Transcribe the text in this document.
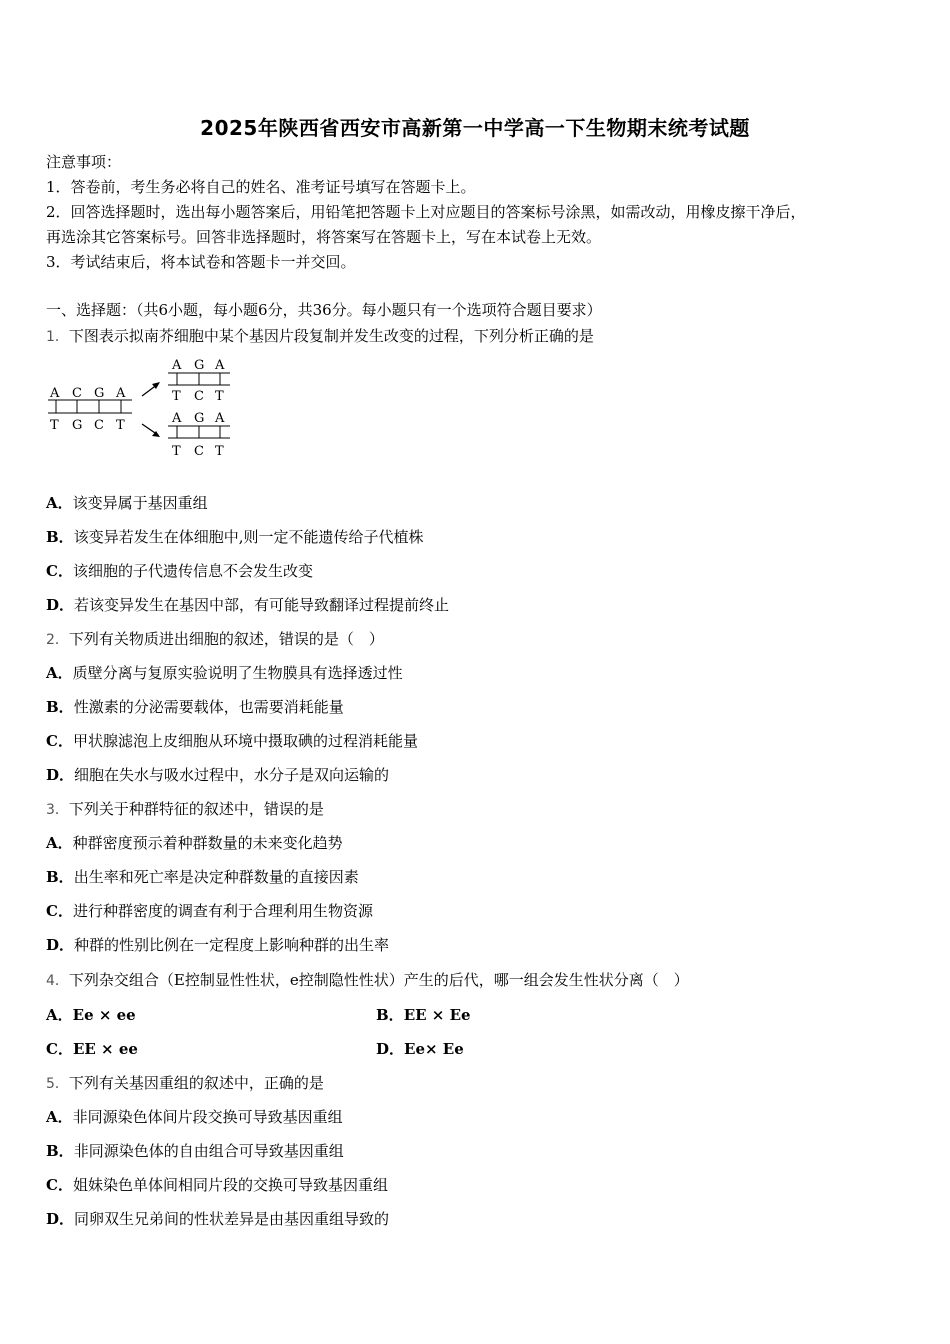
2025年陕西省西安市高新第一中学高一下生物期末统考试题
注意事项：
1．答卷前，考生务必将自己的姓名、准考证号填写在答题卡上。
2．回答选择题时，选出每小题答案后，用铅笔把答题卡上对应题目的答案标号涂黑，如需改动，用橡皮擦干净后，
再选涂其它答案标号。回答非选择题时，将答案写在答题卡上，写在本试卷上无效。
3．考试结束后，将本试卷和答题卡一并交回。
一、选择题：（共6小题，每小题6分，共36分。每小题只有一个选项符合题目要求）
1．下图表示拟南芥细胞中某个基因片段复制并发生改变的过程，下列分析正确的是
A C G A
T G C T
A G A
T C T
A G A
T C T
A．该变异属于基因重组
B．该变异若发生在体细胞中,则一定不能遗传给子代植株
C．该细胞的子代遗传信息不会发生改变
D．若该变异发生在基因中部，有可能导致翻译过程提前终止
2．下列有关物质进出细胞的叙述，错误的是（　）
A．质壁分离与复原实验说明了生物膜具有选择透过性
B．性激素的分泌需要载体，也需要消耗能量
C．甲状腺滤泡上皮细胞从环境中摄取碘的过程消耗能量
D．细胞在失水与吸水过程中，水分子是双向运输的
3．下列关于种群特征的叙述中，错误的是
A．种群密度预示着种群数量的未来变化趋势
B．出生率和死亡率是决定种群数量的直接因素
C．进行种群密度的调查有利于合理利用生物资源
D．种群的性别比例在一定程度上影响种群的出生率
4．下列杂交组合（E控制显性性状，e控制隐性性状）产生的后代，哪一组会发生性状分离（　）
A．Ee × ee	B．EE × Ee
C．EE × ee	D．Ee× Ee
5．下列有关基因重组的叙述中，正确的是
A．非同源染色体间片段交换可导致基因重组
B．非同源染色体的自由组合可导致基因重组
C．姐妹染色单体间相同片段的交换可导致基因重组
D．同卵双生兄弟间的性状差异是由基因重组导致的
